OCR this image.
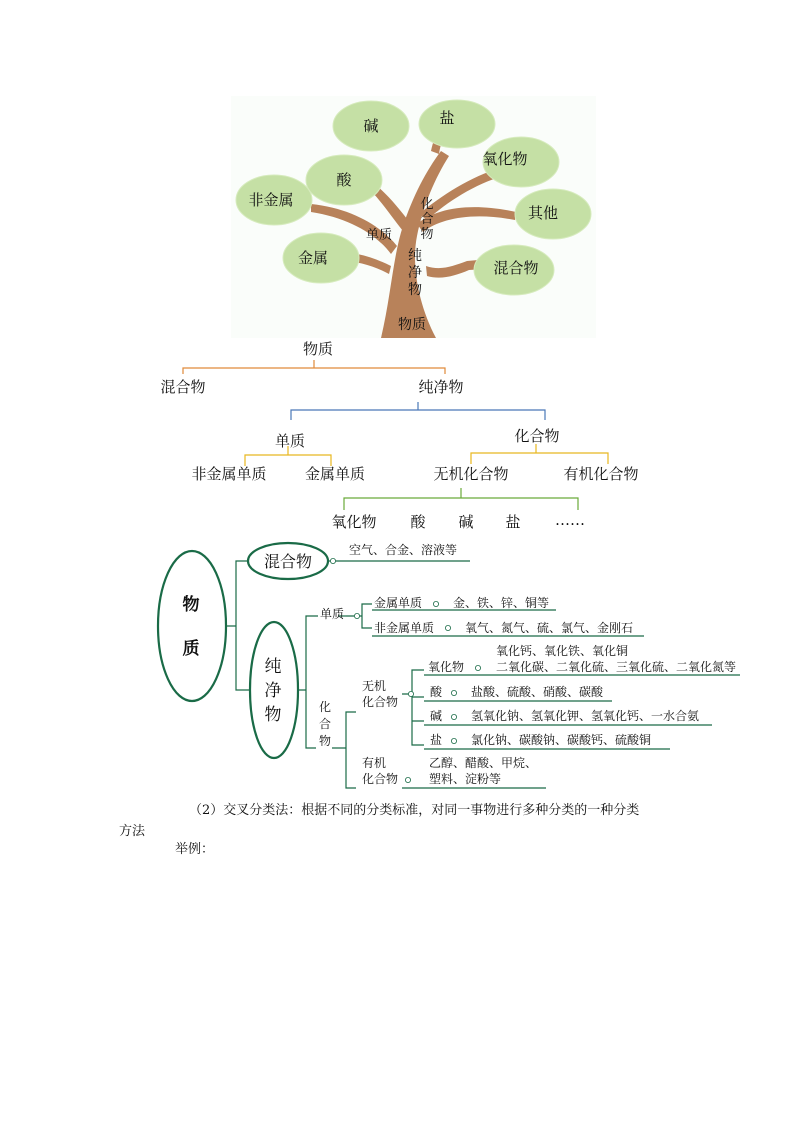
碱	盐
氧化物
酸
非金属
其他
金属
混合物
单质
物质
化合物
纯净物
物质
混合物	纯净物
单质	化合物
非金属单质	金属单质	无机化合物	有机化合物
氧化物 酸 碱 盐 ……
物
质
混合物
空气、合金、溶液等
纯
净
物
单质
金属单质	金、铁、锌、铜等
非金属单质	氧气、氮气、硫、氯气、金刚石
化
合
物
无机
化合物
氧化物
氧化钙、氧化铁、氧化铜
二氧化碳、二氧化硫、三氧化硫、二氧化氮等
酸 盐酸、硫酸、硝酸、碳酸
碱 氢氧化钠、氢氧化钾、氢氧化钙、一水合氨
盐 氯化钠、碳酸钠、碳酸钙、硫酸铜
有机
化合物
乙醇、醋酸、甲烷、
塑料、淀粉等
（2）交叉分类法：根据不同的分类标准，对同一事物进行多种分类的一种分类
方法
举例：
